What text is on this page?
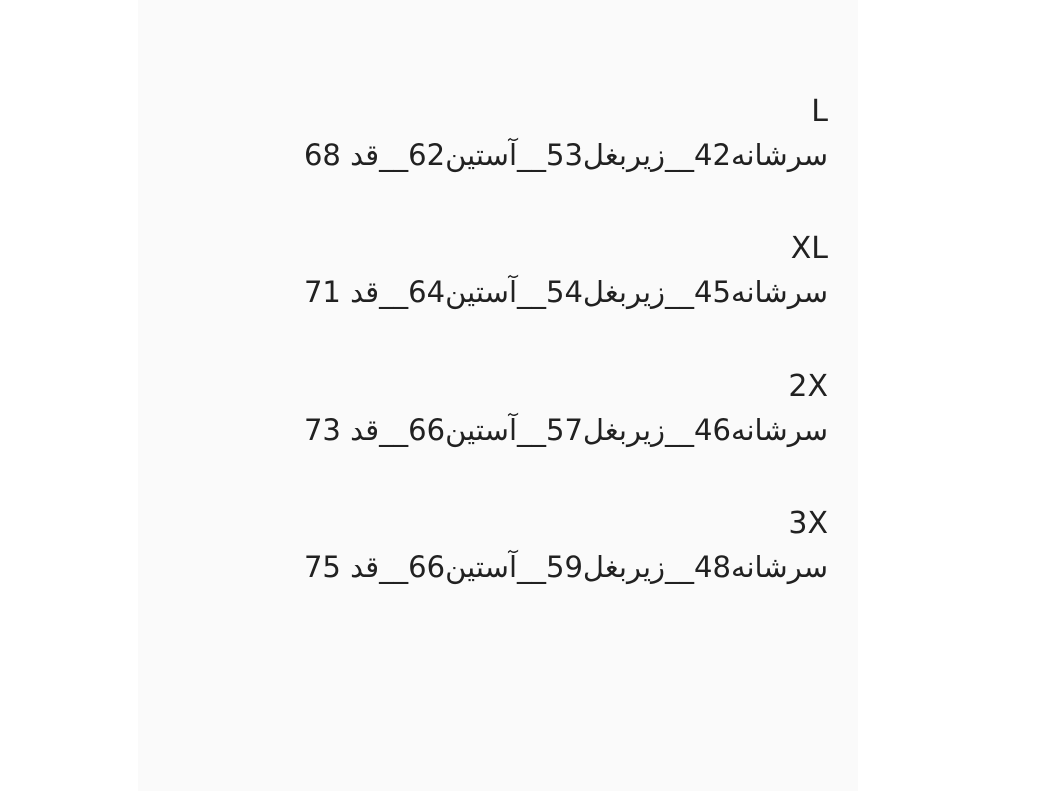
L

سرشانه42__زیربغل53__آستین62__قد 68

XL

سرشانه45__زیربغل54__آستین64__قد 71

2X

سرشانه46__زیربغل57__آستین66__قد 73

3X

سرشانه48__زیربغل59__آستین66__قد 75
